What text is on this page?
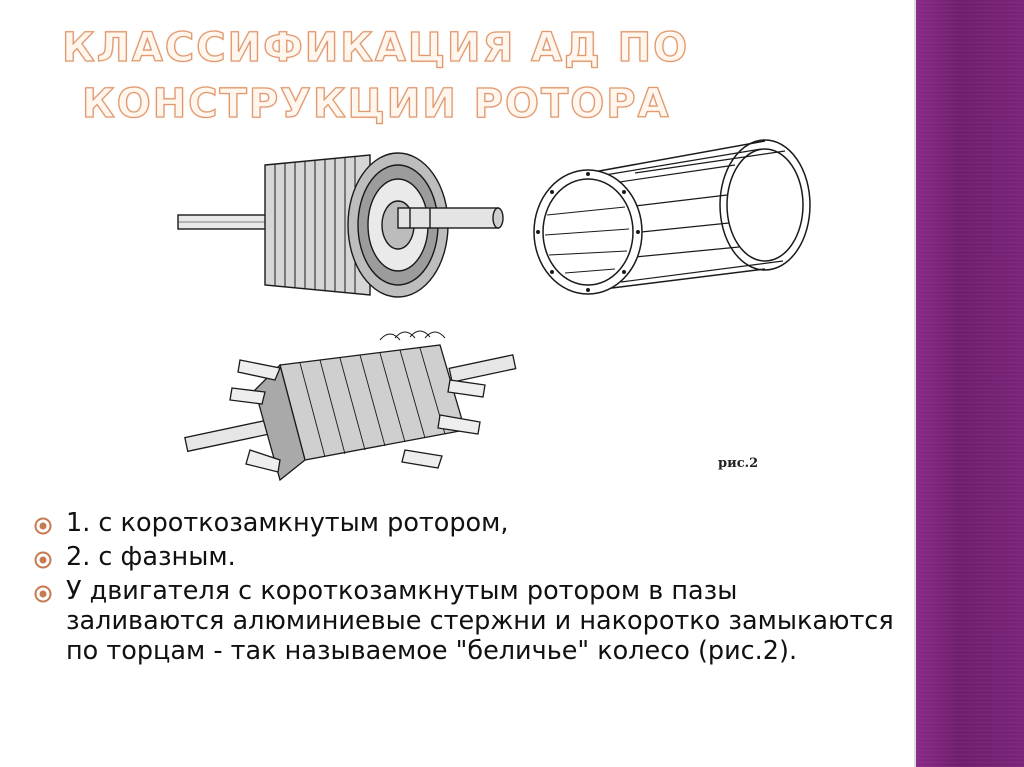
КЛАССИФИКАЦИЯ АД ПО
КОНСТРУКЦИИ РОТОРА
рис.2
1. с короткозамкнутым ротором,
2. с фазным.
У двигателя с короткозамкнутым ротором в пазы заливаются алюминиевые стержни и накоротко замыкаются по торцам - так называемое "беличье" колесо (рис.2).
